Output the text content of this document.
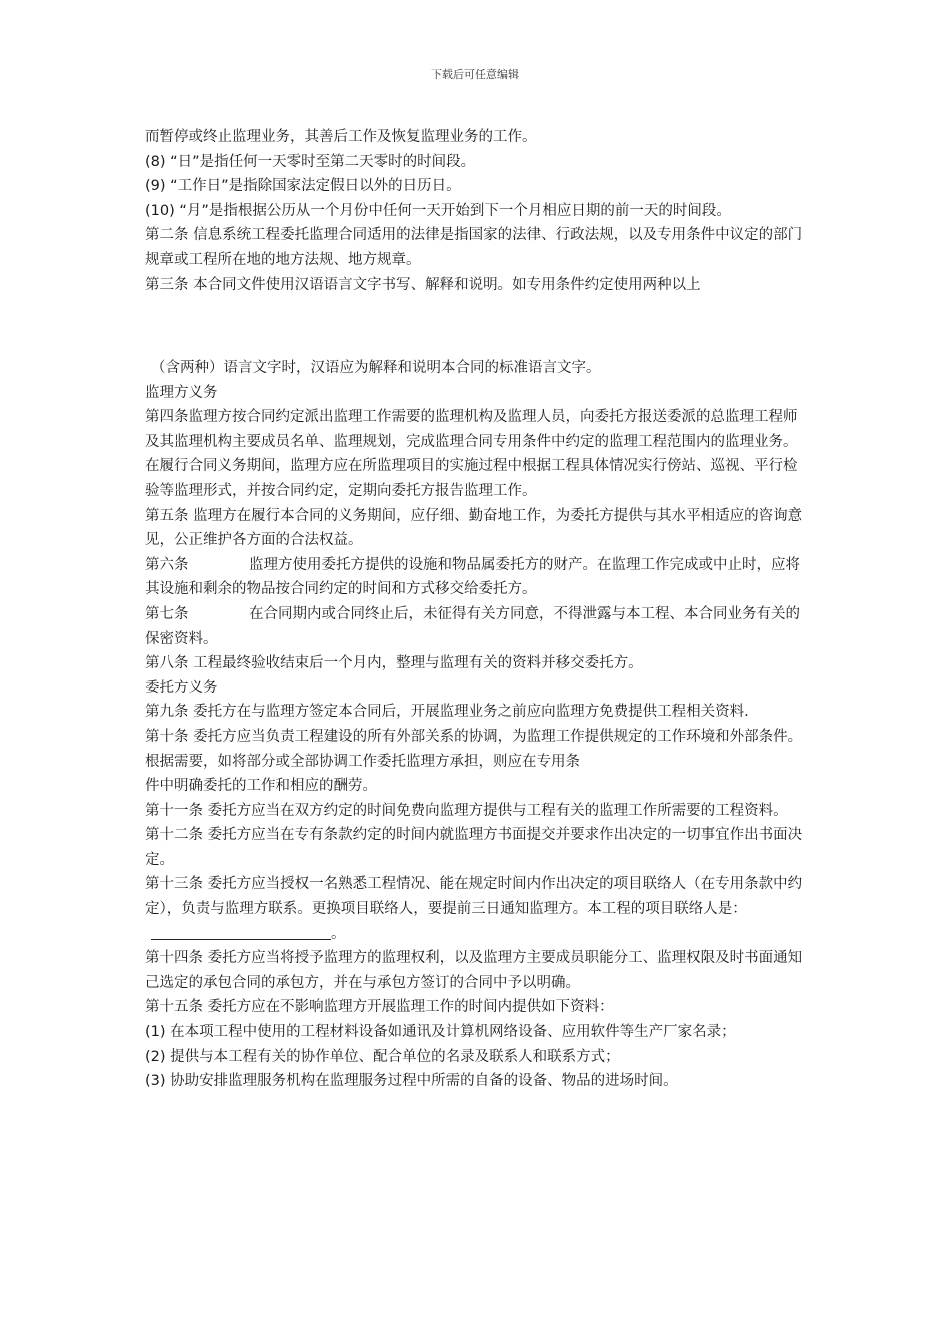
下载后可任意编辑

而暂停或终止监理业务，其善后工作及恢复监理业务的工作。

(8) “日”是指任何一天零时至第二天零时的时间段。

(9) “工作日”是指除国家法定假日以外的日历日。

(10) “月”是指根据公历从一个月份中任何一天开始到下一个月相应日期的前一天的时间段。

第二条 信息系统工程委托监理合同适用的法律是指国家的法律、行政法规，以及专用条件中议定的部门规章或工程所在地的地方法规、地方规章。

第三条 本合同文件使用汉语语言文字书写、解释和说明。如专用条件约定使用两种以上

（含两种）语言文字时，汉语应为解释和说明本合同的标准语言文字。

监理方义务

第四条监理方按合同约定派出监理工作需要的监理机构及监理人员，向委托方报送委派的总监理工程师及其监理机构主要成员名单、监理规划，完成监理合同专用条件中约定的监理工程范围内的监理业务。在履行合同义务期间，监理方应在所监理项目的实施过程中根据工程具体情况实行傍站、巡视、平行检验等监理形式，并按合同约定，定期向委托方报告监理工作。

第五条 监理方在履行本合同的义务期间，应仔细、勤奋地工作，为委托方提供与其水平相适应的咨询意见，公正维护各方面的合法权益。

第六条	监理方使用委托方提供的设施和物品属委托方的财产。在监理工作完成或中止时，应将其设施和剩余的物品按合同约定的时间和方式移交给委托方。

第七条	在合同期内或合同终止后，未征得有关方同意，不得泄露与本工程、本合同业务有关的保密资料。

第八条 工程最终验收结束后一个月内，整理与监理有关的资料并移交委托方。

委托方义务

第九条 委托方在与监理方签定本合同后，开展监理业务之前应向监理方免费提供工程相关资料.

第十条 委托方应当负责工程建设的所有外部关系的协调，为监理工作提供规定的工作环境和外部条件。根据需要，如将部分或全部协调工作委托监理方承担，则应在专用条

件中明确委托的工作和相应的酬劳。

第十一条 委托方应当在双方约定的时间免费向监理方提供与工程有关的监理工作所需要的工程资料。

第十二条 委托方应当在专有条款约定的时间内就监理方书面提交并要求作出决定的一切事宜作出书面决定。

第十三条 委托方应当授权一名熟悉工程情况、能在规定时间内作出决定的项目联络人（在专用条款中约定），负责与监理方联系。更换项目联络人，要提前三日通知监理方。本工程的项目联络人是：。

第十四条 委托方应当将授予监理方的监理权利，以及监理方主要成员职能分工、监理权限及时书面通知己选定的承包合同的承包方，并在与承包方签订的合同中予以明确。

第十五条 委托方应在不影响监理方开展监理工作的时间内提供如下资料：

(1) 在本项工程中使用的工程材料设备如通讯及计算机网络设备、应用软件等生产厂家名录；

(2) 提供与本工程有关的协作单位、配合单位的名录及联系人和联系方式；

(3) 协助安排监理服务机构在监理服务过程中所需的自备的设备、物品的进场时间。
